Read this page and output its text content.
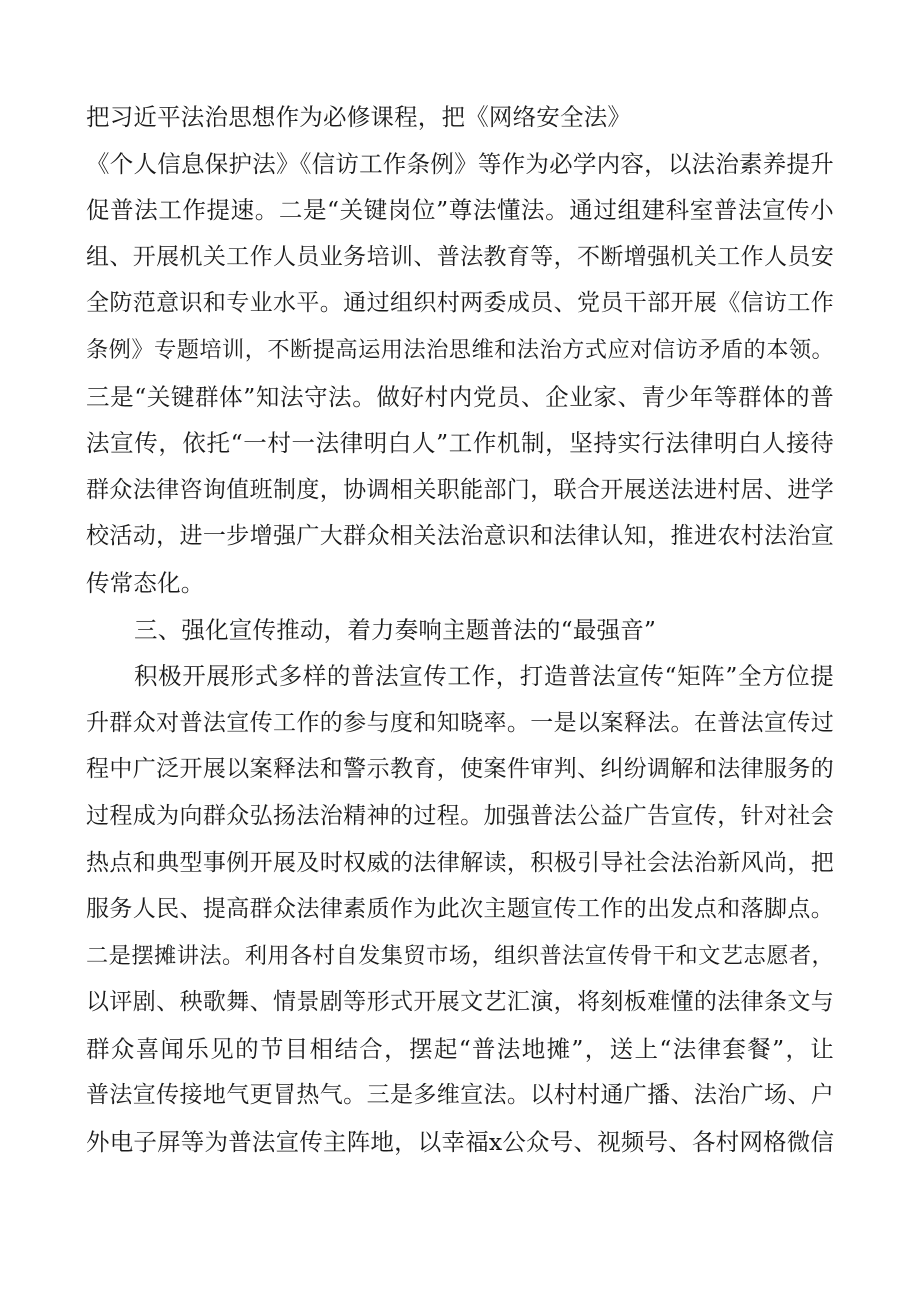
把习近平法治思想作为必修课程，把《网络安全法》
《个人信息保护法》《信访工作条例》等作为必学内容，以法治素养提升
促普法工作提速。二是“关键岗位”尊法懂法。通过组建科室普法宣传小
组、开展机关工作人员业务培训、普法教育等，不断增强机关工作人员安
全防范意识和专业水平。通过组织村两委成员、党员干部开展《信访工作
条例》专题培训，不断提高运用法治思维和法治方式应对信访矛盾的本领。
三是“关键群体”知法守法。做好村内党员、企业家、青少年等群体的普
法宣传，依托“一村一法律明白人”工作机制，坚持实行法律明白人接待
群众法律咨询值班制度，协调相关职能部门，联合开展送法进村居、进学
校活动，进一步增强广大群众相关法治意识和法律认知，推进农村法治宣
传常态化。
三、强化宣传推动，着力奏响主题普法的“最强音”
积极开展形式多样的普法宣传工作，打造普法宣传“矩阵”全方位提
升群众对普法宣传工作的参与度和知晓率。一是以案释法。在普法宣传过
程中广泛开展以案释法和警示教育，使案件审判、纠纷调解和法律服务的
过程成为向群众弘扬法治精神的过程。加强普法公益广告宣传，针对社会
热点和典型事例开展及时权威的法律解读，积极引导社会法治新风尚，把
服务人民、提高群众法律素质作为此次主题宣传工作的出发点和落脚点。
二是摆摊讲法。利用各村自发集贸市场，组织普法宣传骨干和文艺志愿者，
以评剧、秧歌舞、情景剧等形式开展文艺汇演，将刻板难懂的法律条文与
群众喜闻乐见的节目相结合，摆起“普法地摊”，送上“法律套餐”，让
普法宣传接地气更冒热气。三是多维宣法。以村村通广播、法治广场、户
外电子屏等为普法宣传主阵地，以幸福x公众号、视频号、各村网格微信
